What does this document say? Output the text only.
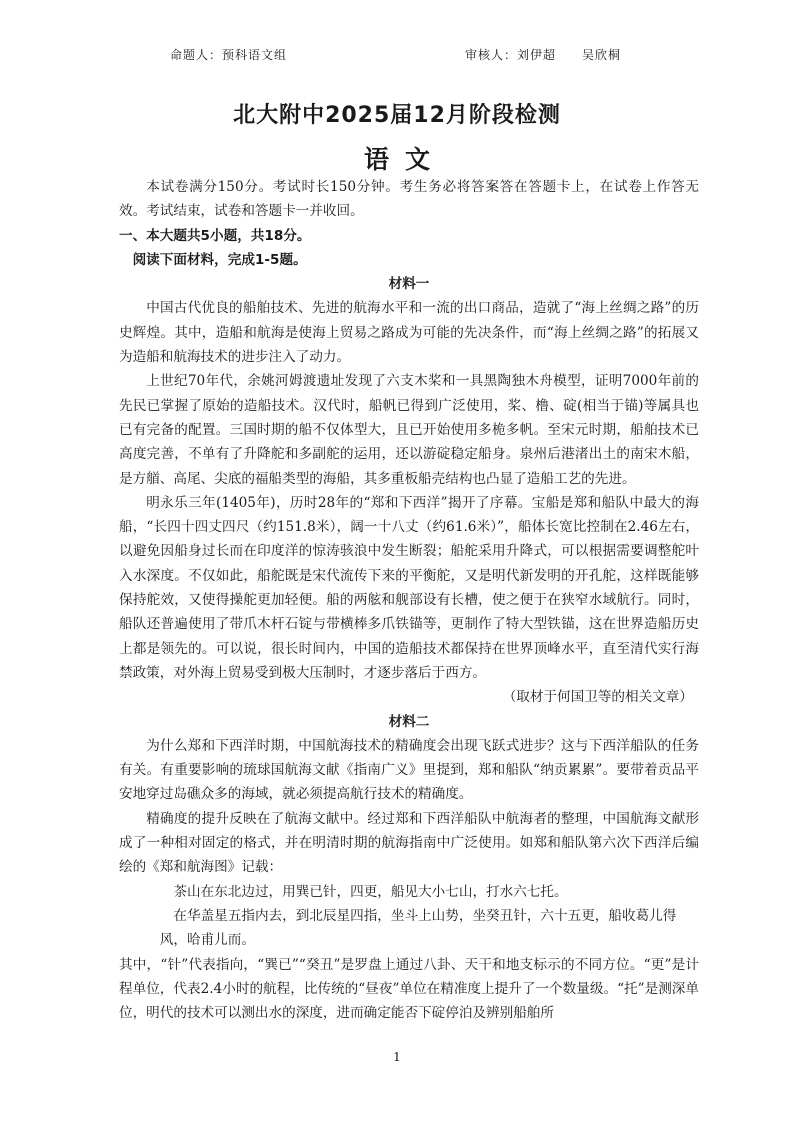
命题人：预科语文组	审核人：刘伊超 吴欣桐
北大附中2025届12月阶段检测
语文

本试卷满分150分。考试时长150分钟。考生务必将答案答在答题卡上，在试卷上作答无效。考试结束，试卷和答题卡一并收回。

一、本大题共5小题，共18分。

阅读下面材料，完成1-5题。

材料一

中国古代优良的船舶技术、先进的航海水平和一流的出口商品，造就了“海上丝绸之路”的历史辉煌。其中，造船和航海是使海上贸易之路成为可能的先决条件，而“海上丝绸之路”的拓展又为造船和航海技术的进步注入了动力。

上世纪70年代，余姚河姆渡遗址发现了六支木桨和一具黑陶独木舟模型，证明7000年前的先民已掌握了原始的造船技术。汉代时，船帆已得到广泛使用，桨、橹、碇(相当于锚)等属具也已有完备的配置。三国时期的船不仅体型大，且已开始使用多桅多帆。至宋元时期，船舶技术已高度完善，不单有了升降舵和多副舵的运用，还以游碇稳定船身。泉州后港渚出土的南宋木船，是方艏、高尾、尖底的福船类型的海船，其多重板船壳结构也凸显了造船工艺的先进。

明永乐三年(1405年)，历时28年的“郑和下西洋”揭开了序幕。宝船是郑和船队中最大的海船，“长四十四丈四尺（约151.8米），阔一十八丈（约61.6米）”，船体长宽比控制在2.46左右，以避免因船身过长而在印度洋的惊涛骇浪中发生断裂；船舵采用升降式，可以根据需要调整舵叶入水深度。不仅如此，船舵既是宋代流传下来的平衡舵，又是明代新发明的开孔舵，这样既能够保持舵效，又使得操舵更加轻便。船的两舷和舰部设有长槽，使之便于在狭窄水域航行。同时，船队还普遍使用了带爪木杆石锭与带横棒多爪铁锚等，更制作了特大型铁锚，这在世界造船历史上都是领先的。可以说，很长时间内，中国的造船技术都保持在世界顶峰水平，直至清代实行海禁政策，对外海上贸易受到极大压制时，才逐步落后于西方。

（取材于何国卫等的相关文章）

材料二

为什么郑和下西洋时期，中国航海技术的精确度会出现飞跃式进步？这与下西洋船队的任务有关。有重要影响的琉球国航海文献《指南广义》里提到，郑和船队“纳贡累累”。要带着贡品平安地穿过岛礁众多的海域，就必须提高航行技术的精确度。

精确度的提升反映在了航海文献中。经过郑和下西洋船队中航海者的整理，中国航海文献形成了一种相对固定的格式，并在明清时期的航海指南中广泛使用。如郑和船队第六次下西洋后编绘的《郑和航海图》记载：

茶山在东北边过，用巽已针，四更，船见大小七山，打水六七托。

在华盖星五指内去，到北辰星四指，坐斗上山势，坐癸丑针，六十五更，船收葛儿得

风，哈甫儿而。

其中，“针”代表指向，“巽已”“癸丑”是罗盘上通过八卦、天干和地支标示的不同方位。“更”是计程单位，代表2.4小时的航程，比传统的“昼夜”单位在精准度上提升了一个数量级。“托”是测深单位，明代的技术可以测出水的深度，进而确定能否下碇停泊及辨别船舶所

1
